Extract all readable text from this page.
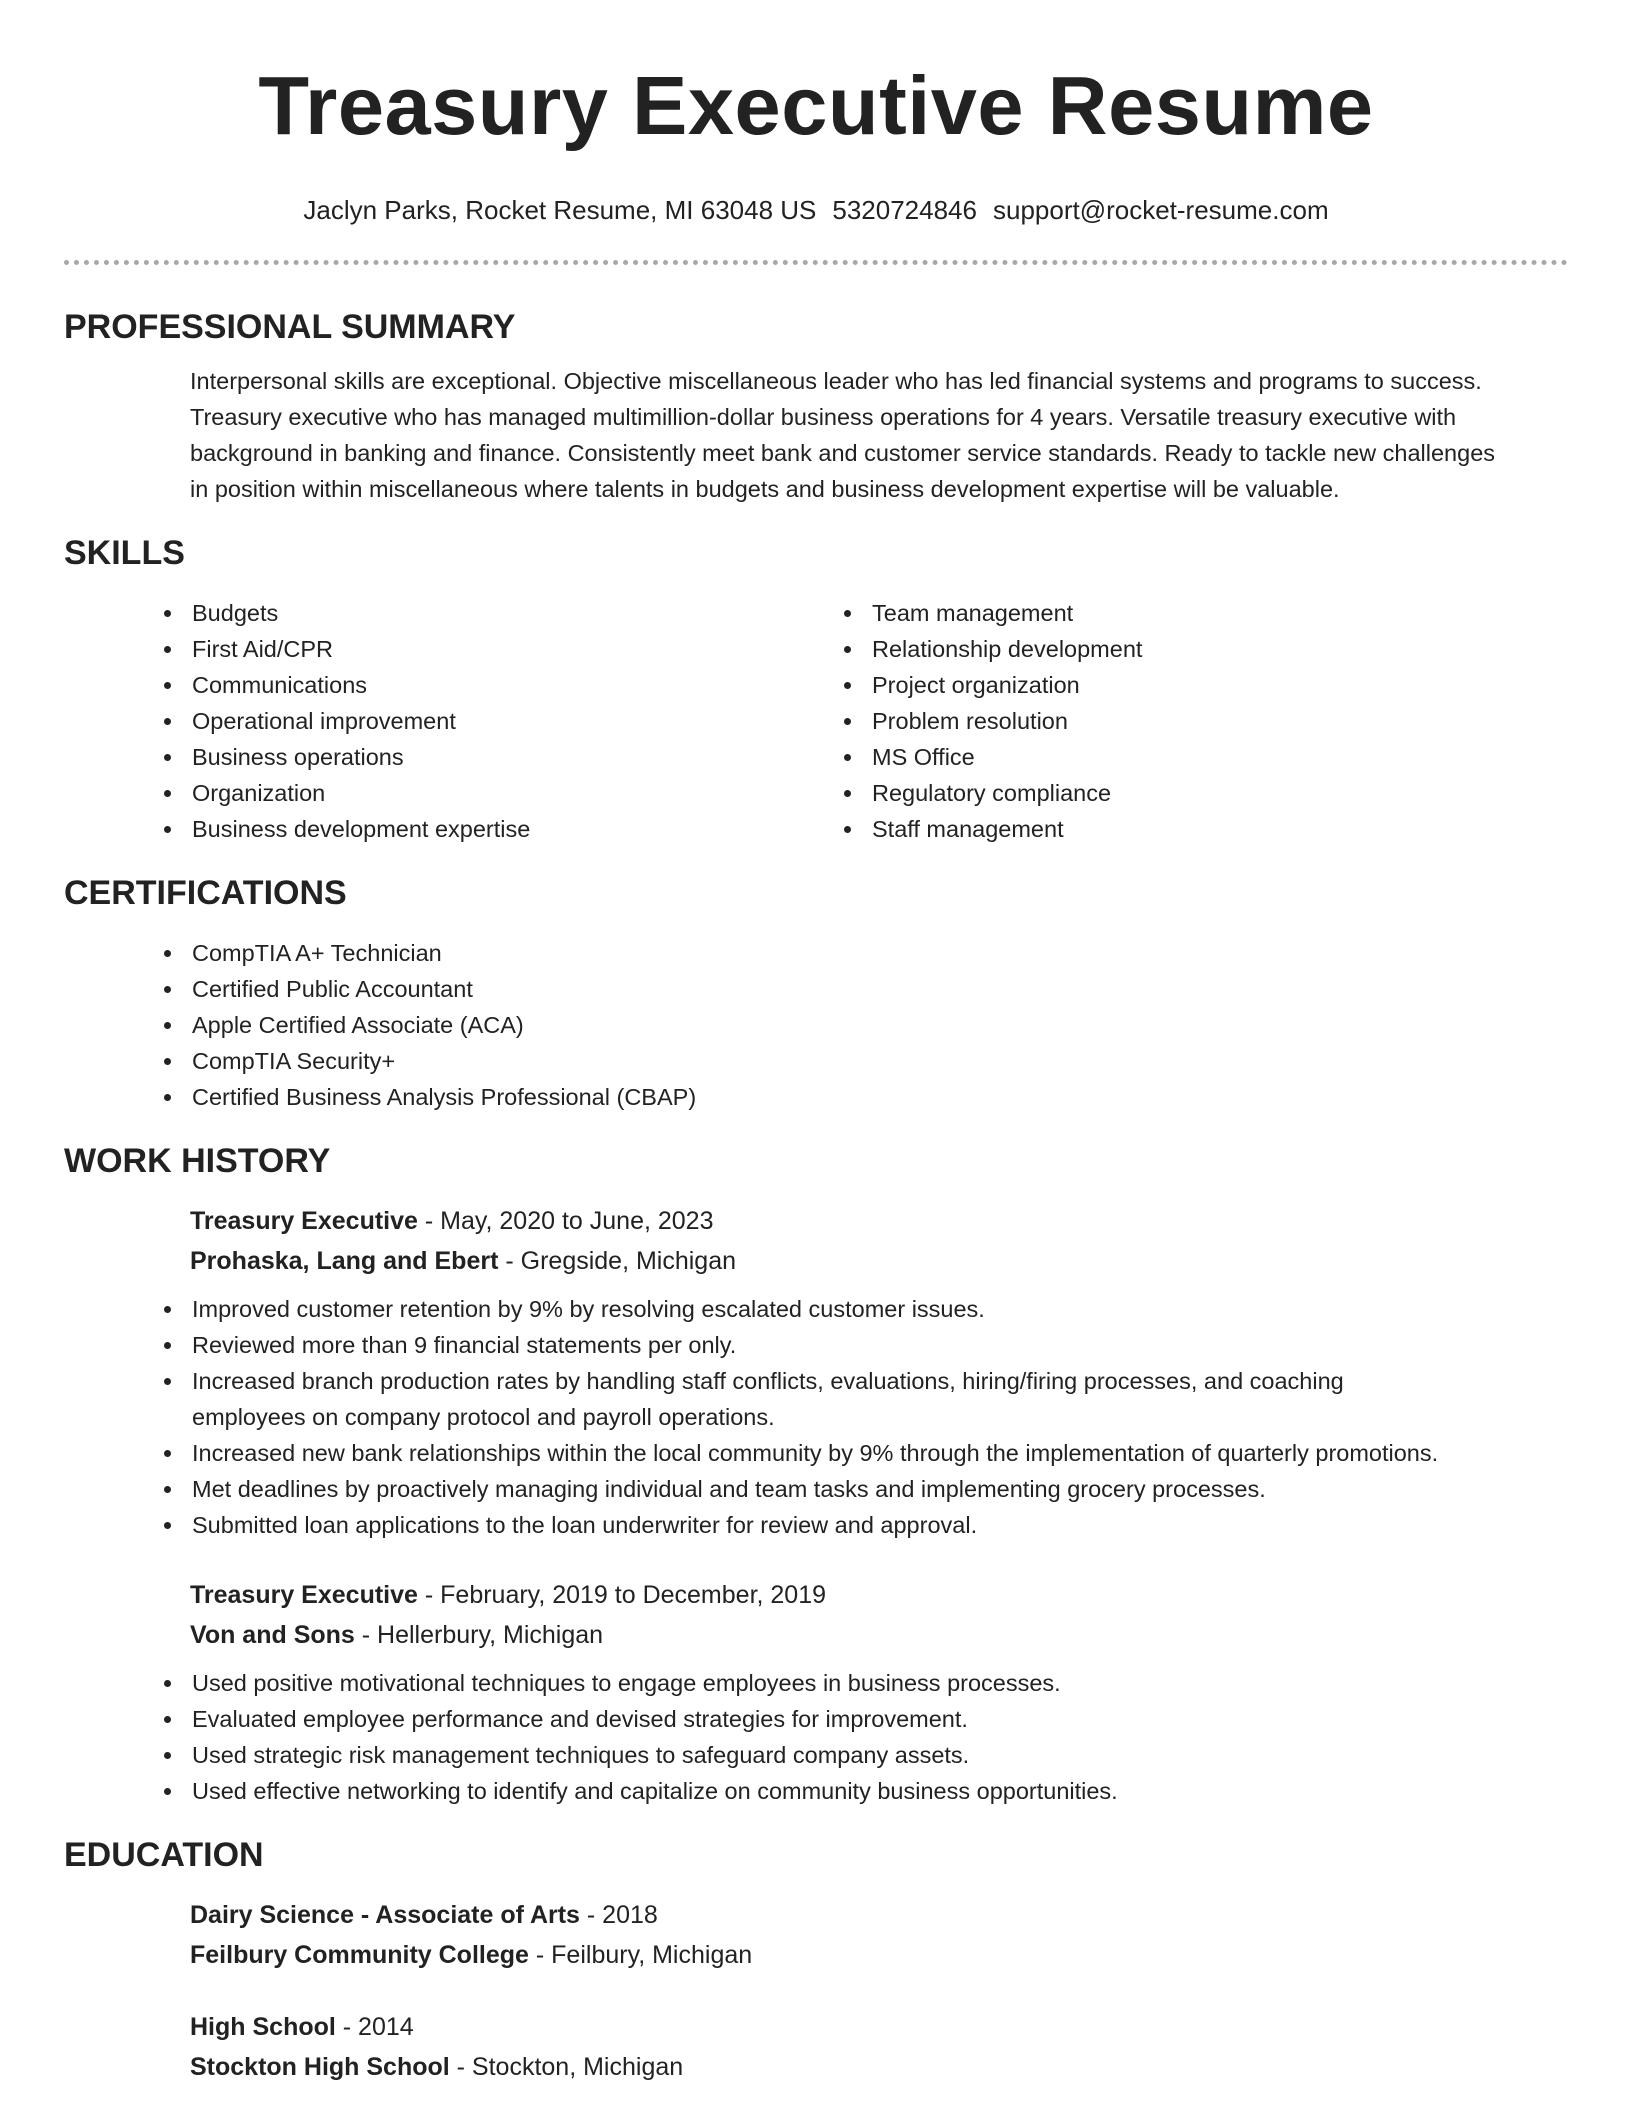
Treasury Executive Resume
Jaclyn Parks, Rocket Resume, MI 63048 US 5320724846 support@rocket-resume.com
PROFESSIONAL SUMMARY
Interpersonal skills are exceptional. Objective miscellaneous leader who has led financial systems and programs to success.
Treasury executive who has managed multimillion-dollar business operations for 4 years. Versatile treasury executive with
background in banking and finance. Consistently meet bank and customer service standards. Ready to tackle new challenges
in position within miscellaneous where talents in budgets and business development expertise will be valuable.
SKILLS
Budgets
First Aid/CPR
Communications
Operational improvement
Business operations
Organization
Business development expertise
Team management
Relationship development
Project organization
Problem resolution
MS Office
Regulatory compliance
Staff management
CERTIFICATIONS
CompTIA A+ Technician
Certified Public Accountant
Apple Certified Associate (ACA)
CompTIA Security+
Certified Business Analysis Professional (CBAP)
WORK HISTORY
Treasury Executive - May, 2020 to June, 2023
Prohaska, Lang and Ebert - Gregside, Michigan
Improved customer retention by 9% by resolving escalated customer issues.
Reviewed more than 9 financial statements per only.
Increased branch production rates by handling staff conflicts, evaluations, hiring/firing processes, and coaching
employees on company protocol and payroll operations.
Increased new bank relationships within the local community by 9% through the implementation of quarterly promotions.
Met deadlines by proactively managing individual and team tasks and implementing grocery processes.
Submitted loan applications to the loan underwriter for review and approval.
Treasury Executive - February, 2019 to December, 2019
Von and Sons - Hellerbury, Michigan
Used positive motivational techniques to engage employees in business processes.
Evaluated employee performance and devised strategies for improvement.
Used strategic risk management techniques to safeguard company assets.
Used effective networking to identify and capitalize on community business opportunities.
EDUCATION
Dairy Science - Associate of Arts - 2018
Feilbury Community College - Feilbury, Michigan
High School - 2014
Stockton High School - Stockton, Michigan
